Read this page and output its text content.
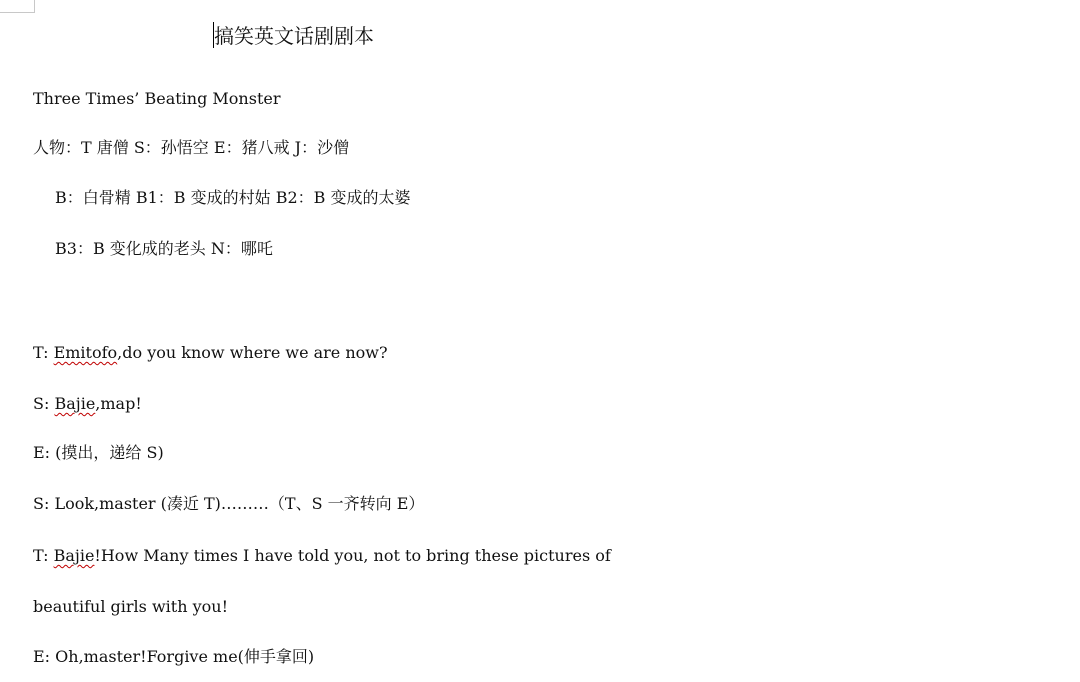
Three Times’ Beating Monster
人物：T 唐僧 S：孙悟空 E：猪八戒 J：沙僧
B：白骨精 B1：B 变成的村姑 B2：B 变成的太婆
B3：B 变化成的老头 N：哪吒
T: Emitofo,do you know where we are now?
S: Bajie,map!
E: (摸出，递给 S)
S: Look,master (凑近 T)………（T、S 一齐转向 E）
T: Bajie!How Many times I have told you, not to bring these pictures of
beautiful girls with you!
E: Oh,master!Forgive me(伸手拿回)
搞笑英文话剧剧本
